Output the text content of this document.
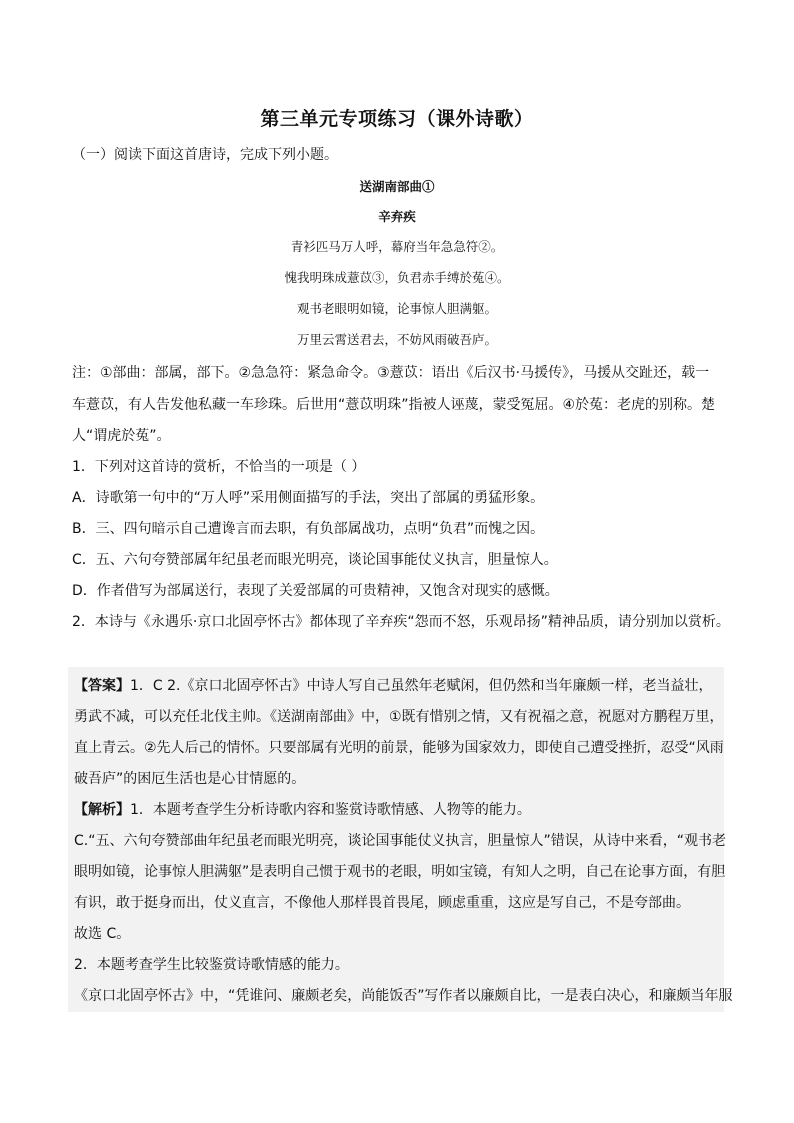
第三单元专项练习（课外诗歌）
（一）阅读下面这首唐诗，完成下列小题。
送湖南部曲①
辛弃疾
青衫匹马万人呼，幕府当年急急符②。
愧我明珠成薏苡③，负君赤手缚於菟④。
观书老眼明如镜，论事惊人胆满躯。
万里云霄送君去，不妨风雨破吾庐。
注：①部曲：部属，部下。②急急符：紧急命令。③薏苡：语出《后汉书·马援传》，马援从交趾还，载一
车薏苡，有人告发他私藏一车珍珠。后世用“薏苡明珠”指被人诬蔑，蒙受冤屈。④於菟：老虎的别称。楚
人“谓虎於菟”。
1．下列对这首诗的赏析，不恰当的一项是（ ）
A．诗歌第一句中的“万人呼”采用侧面描写的手法，突出了部属的勇猛形象。
B．三、四句暗示自己遭谗言而去职，有负部属战功，点明“负君”而愧之因。
C．五、六句夸赞部属年纪虽老而眼光明亮，谈论国事能仗义执言，胆量惊人。
D．作者借写为部属送行，表现了关爱部属的可贵精神，又饱含对现实的感慨。
2．本诗与《永遇乐·京口北固亭怀古》都体现了辛弃疾“怨而不怒，乐观昂扬”精神品质，请分别加以赏析。
【答案】1．C 2.《京口北固亭怀古》中诗人写自己虽然年老赋闲，但仍然和当年廉颇一样，老当益壮，
勇武不减，可以充任北伐主帅。《送湖南部曲》中，①既有惜别之情，又有祝福之意，祝愿对方鹏程万里，
直上青云。②先人后己的情怀。只要部属有光明的前景，能够为国家效力，即使自己遭受挫折，忍受“风雨
破吾庐”的困厄生活也是心甘情愿的。
【解析】1．本题考查学生分析诗歌内容和鉴赏诗歌情感、人物等的能力。
C.“五、六句夸赞部曲年纪虽老而眼光明亮，谈论国事能仗义执言，胆量惊人”错误，从诗中来看，“观书老
眼明如镜，论事惊人胆满躯”是表明自己惯于观书的老眼，明如宝镜，有知人之明，自己在论事方面，有胆
有识，敢于挺身而出，仗义直言，不像他人那样畏首畏尾，顾虑重重，这应是写自己，不是夸部曲。
故选 C。
2．本题考查学生比较鉴赏诗歌情感的能力。
《京口北固亭怀古》中，“凭谁问、廉颇老矣，尚能饭否”写作者以廉颇自比，一是表白决心，和廉颇当年服
